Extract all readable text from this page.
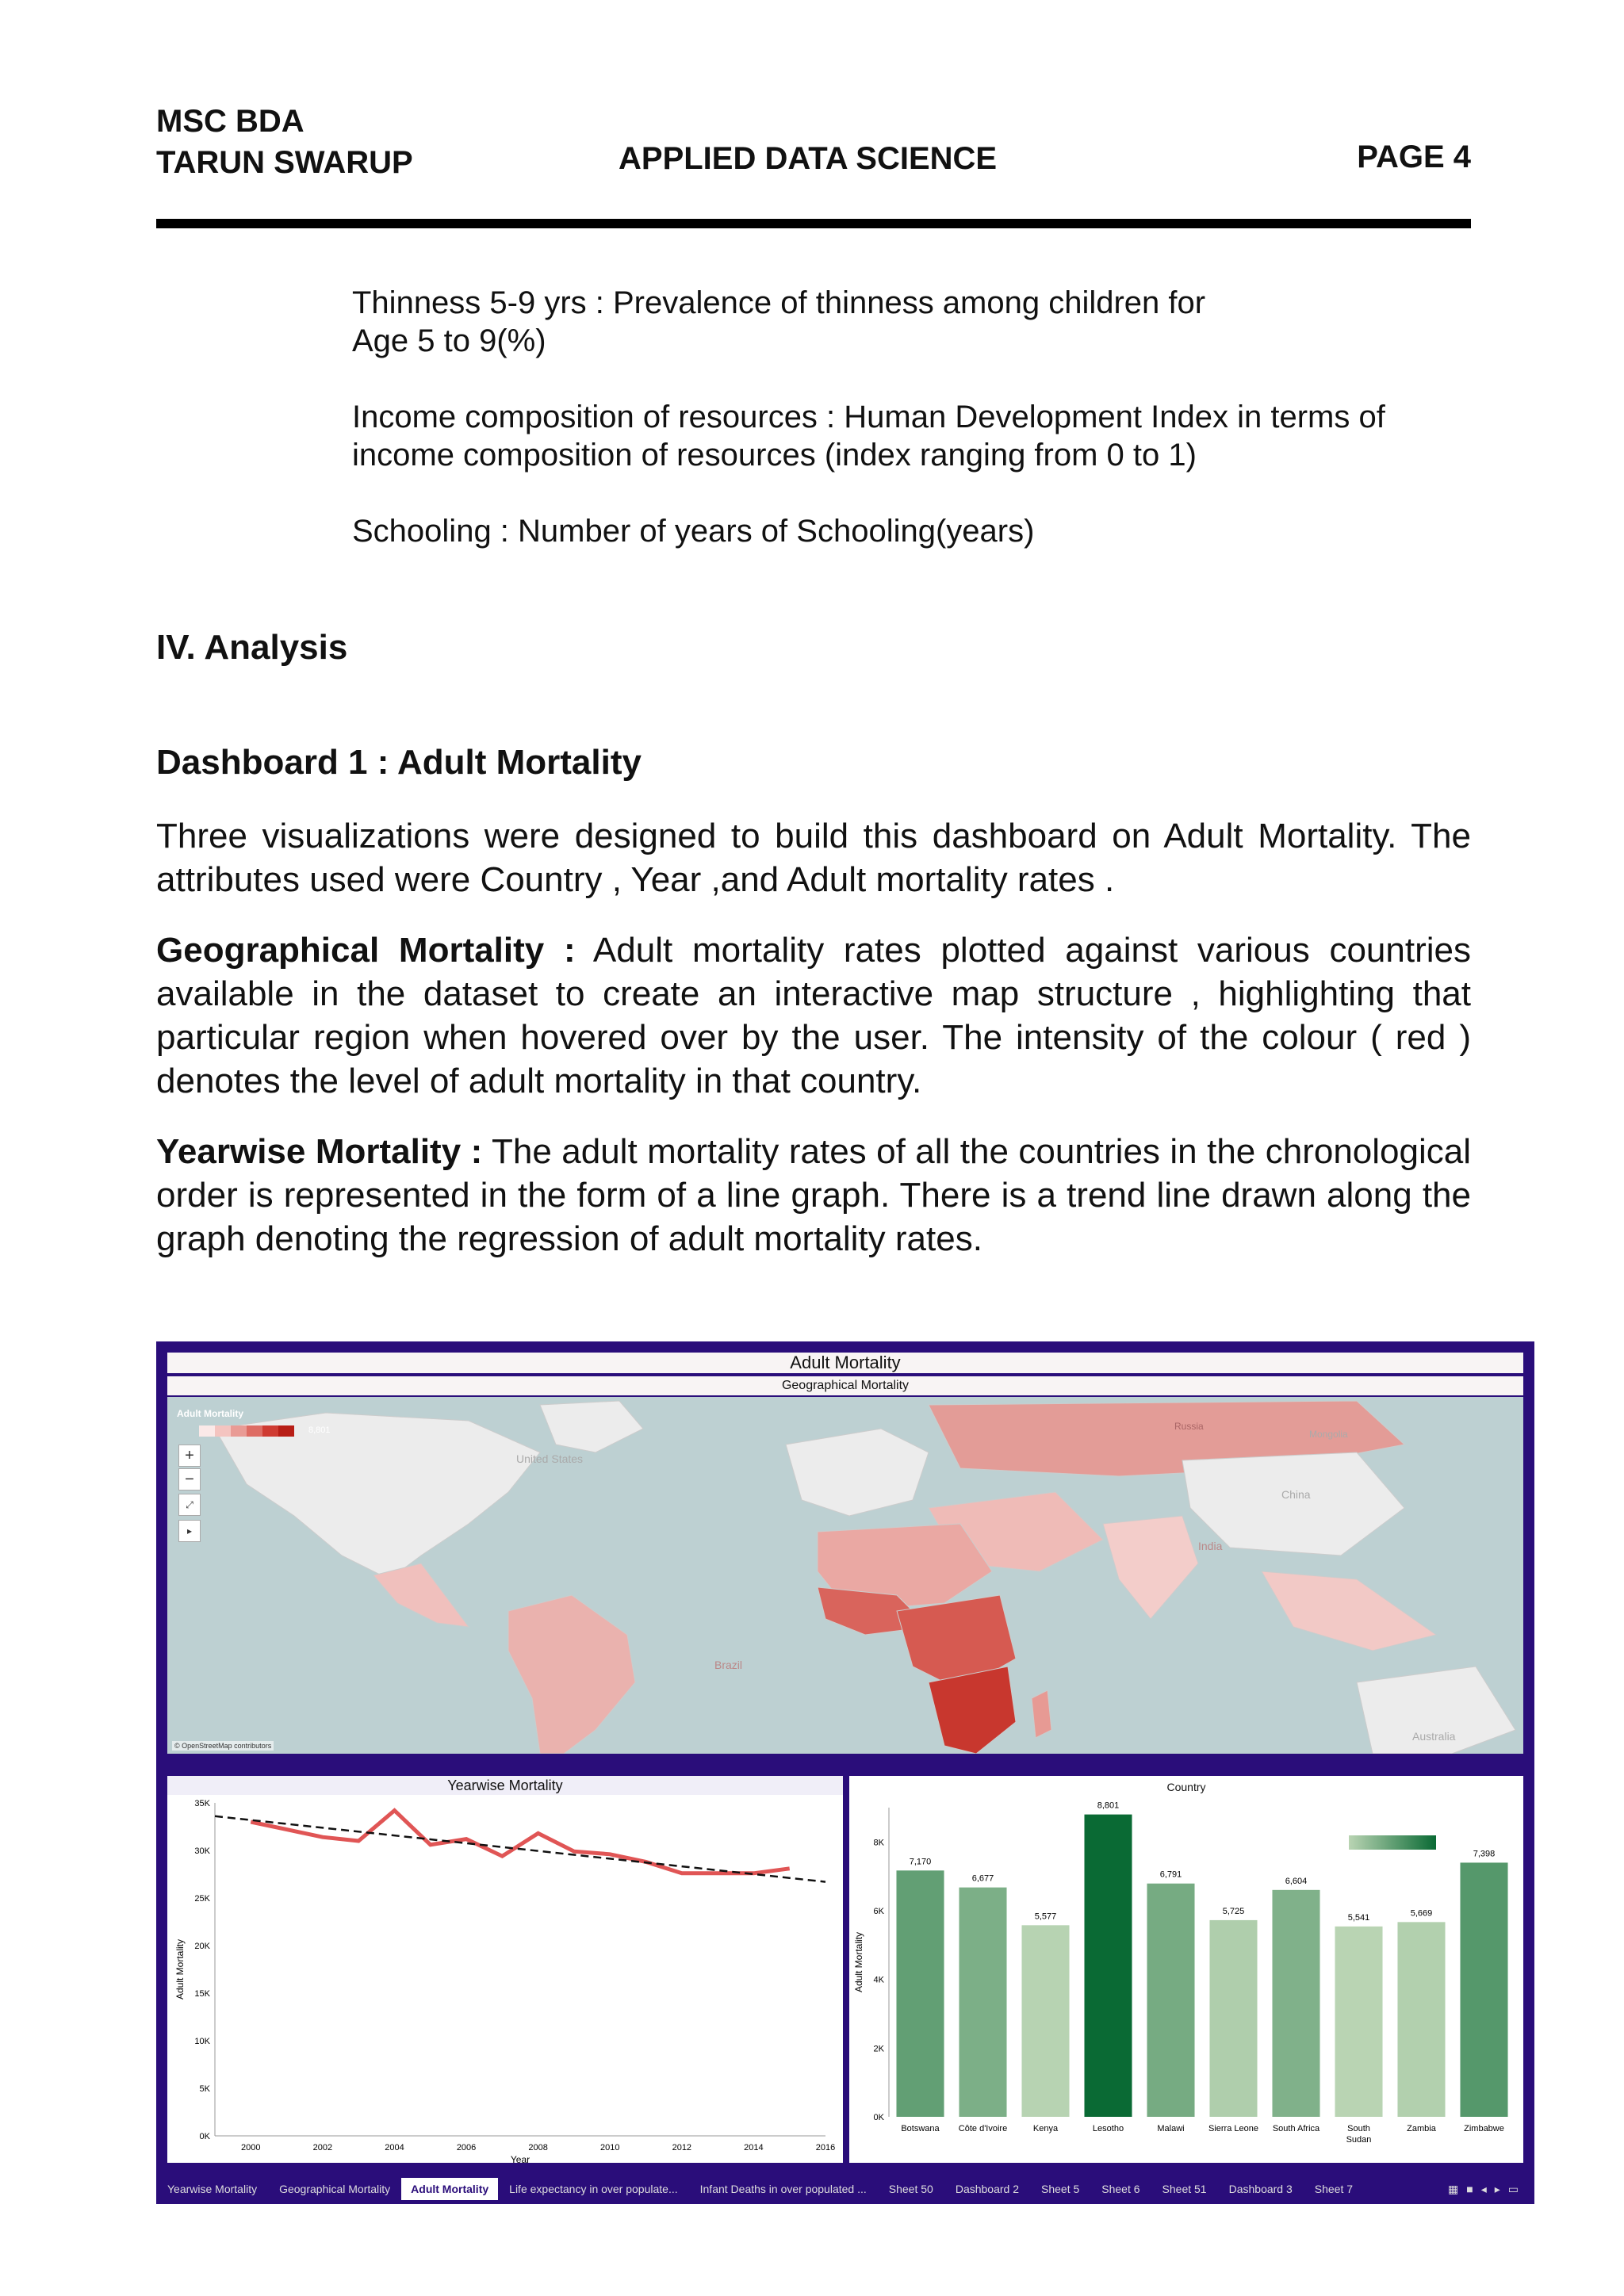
MSC BDA
TARUN SWARUP	APPLIED DATA SCIENCE	PAGE 4

Thinness 5-9 yrs : Prevalence of thinness among children for
Age 5 to 9(%)

Income composition of resources : Human Development Index in terms of
income composition of resources (index ranging from 0 to 1)

Schooling : Number of years of Schooling(years)

IV. Analysis
Dashboard 1 : Adult Mortality

Three visualizations were designed to build this dashboard on Adult Mortality. The attributes used were Country , Year ,and Adult mortality rates .

Geographical Mortality : Adult mortality rates plotted against various countries available in the dataset to create an interactive map structure , highlighting that particular region when hovered over by the user. The intensity of the colour ( red ) denotes the level of adult mortality in that country.

Yearwise Mortality : The adult mortality rates of all the countries in the chronological order is represented in the form of a line graph. There is a trend line drawn along the graph denoting the regression of adult mortality rates.

Adult Mortality
Geographical Mortality
Adult Mortality
8,801
+
−
⤢
▸
United States
Brazil
India
China
Australia
Russia
Mongolia
© OpenStreetMap contributors
Yearwise Mortality
0K
5K
10K
15K
20K
25K
30K
35K
2000	2002	2004	2006	2008	2010	2012	2014	2016
Year
Adult Mortality
Country
0K
2K
4K
6K
8K
Adult Mortality
7,170
Botswana
6,677
Côte d'Ivoire
5,577
Kenya
8,801
Lesotho
6,791
Malawi
5,725
Sierra Leone
6,604
South Africa
5,541
South
Sudan
5,669
Zambia
7,398
Zimbabwe
Yearwise Mortality	Geographical Mortality	Adult Mortality	Life expectancy in over populate...	Infant Deaths in over populated ...	Sheet 50	Dashboard 2	Sheet 5	Sheet 6	Sheet 51	Dashboard 3	Sheet 7	▦■◂▸▭
